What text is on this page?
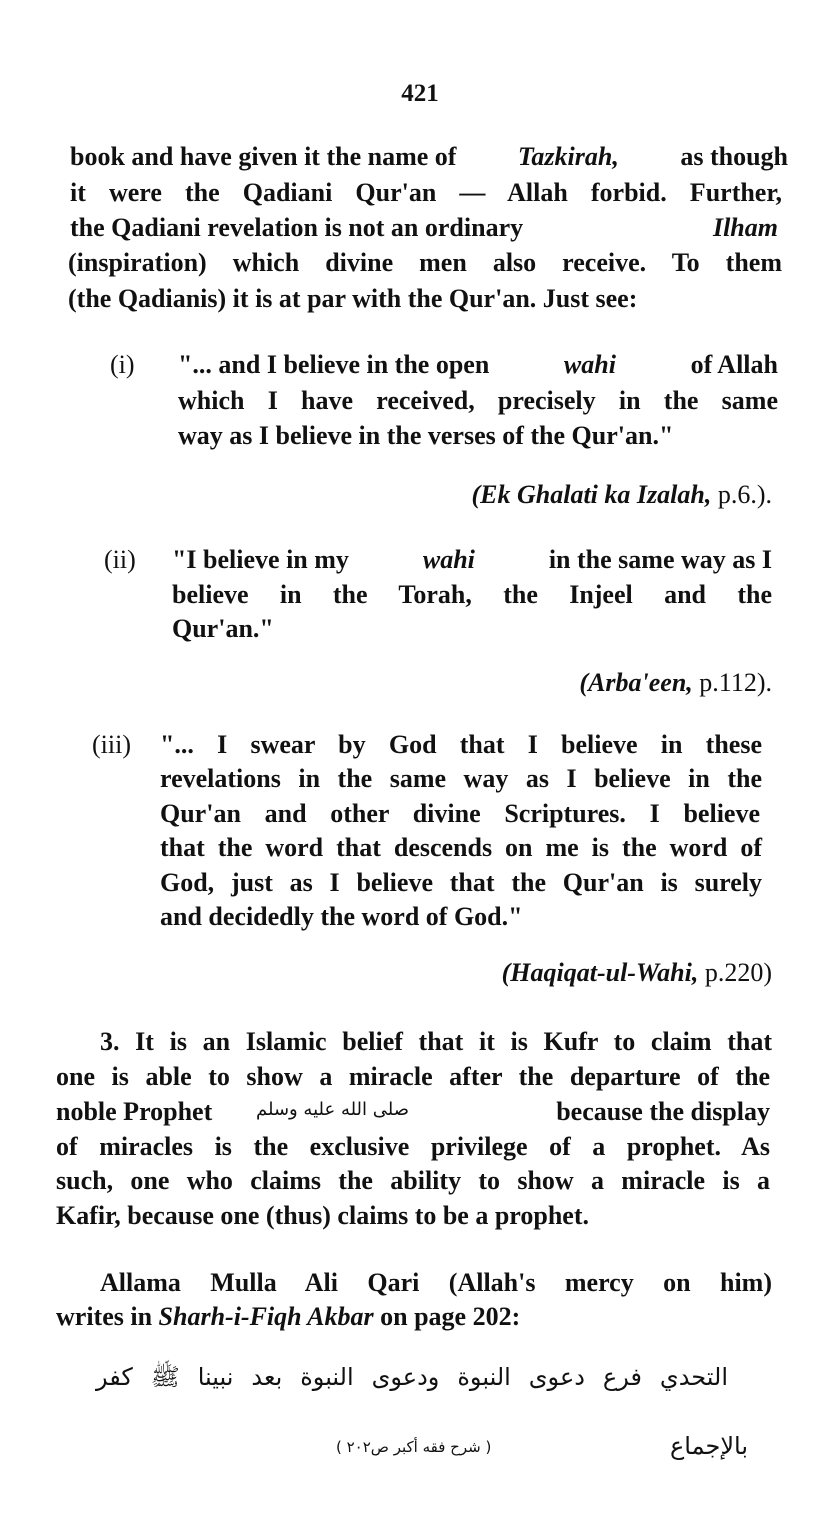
421
book and have given it the name of Tazkirah, as though
it were the Qadiani Qur'an — Allah forbid. Further,
the Qadiani revelation is not an ordinary	Ilham
(inspiration) which divine men also receive. To them
(the Qadianis) it is at par with the Qur'an. Just see:
(i) "... and I believe in the open	wahi	of Allah
which I have received, precisely in the same
way as I believe in the verses of the Qur'an."
(Ek Ghalati ka Izalah, p.6.).
(ii) "I believe in my	wahi	in the same way as I
believe in the Torah, the Injeel and the
Qur'an."
(Arba'een, p.112).
(iii) "... I swear by God that I believe in these
revelations in the same way as I believe in the
Qur'an and other divine Scriptures. I believe
that the word that descends on me is the word of
God, just as I believe that the Qur'an is surely
and decidedly the word of God."
(Haqiqat-ul-Wahi, p.220)
3. It is an Islamic belief that it is Kufr to claim that
one is able to show a miracle after the departure of the
noble Prophet صلى الله عليه وسلم	because the display
of miracles is the exclusive privilege of a prophet. As
such, one who claims the ability to show a miracle is a
Kafir, because one (thus) claims to be a prophet.
Allama Mulla Ali Qari (Allah's mercy on him)
writes in Sharh-i-Fiqh Akbar on page 202:
التحدي فرع دعوى النبوة ودعوى النبوة بعد نبينا ﷺ كفر
بالإجماع
( شرح فقه أكبر ص٢٠٢ )
